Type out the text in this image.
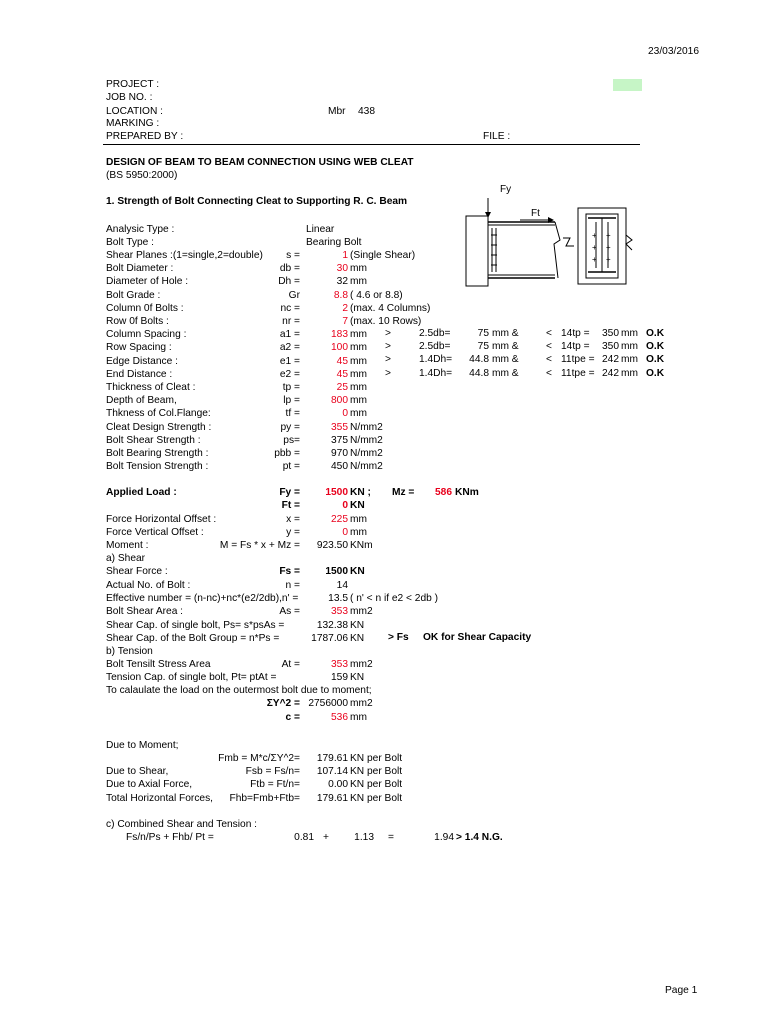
23/03/2016
PROJECT :
JOB NO. :
LOCATION :	Mbr 438
MARKING :
PREPARED BY :	FILE :
DESIGN OF BEAM TO BEAM CONNECTION USING WEB CLEAT
(BS 5950:2000)
1. Strength of Bolt Connecting Cleat to Supporting R. C. Beam
Fy
Ft
+ +
+ +
+ +
Analysic Type :	Linear
Bolt Type :	Bearing Bolt
Shear Planes :(1=single,2=double)	s =	1 (Single Shear)
Bolt Diameter :	db =	30 mm
Diameter of Hole :	Dh =	32 mm
Bolt Grade :	Gr	8.8 ( 4.6 or 8.8)
Column 0f Bolts :	nc =	2 (max. 4 Columns)
Row 0f Bolts :	nr =	7 (max. 10 Rows)
Column Spacing :	a1 =	183 mm
Row Spacing :	a2 =	100 mm
Edge Distance :	e1 =	45 mm
End Distance :	e2 =	45 mm
Thickness of Cleat :	tp =	25 mm
Depth of Beam,	lp =	800 mm
Thkness of Col.Flange:	tf =	0 mm
Cleat Design Strength :	py =	355 N/mm2
Bolt Shear Strength :	ps=	375 N/mm2
Bolt Bearing Strength :	pbb =	970 N/mm2
Bolt Tension Strength :	pt =	450 N/mm2
>	2.5db=	75 mm &	< 14tp =	350 mm O.K
>	2.5db=	75 mm &	< 14tp =	350 mm O.K
>	1.4Dh=	44.8 mm &	< 11tpe = 242 mm O.K
>	1.4Dh=	44.8 mm &	< 11tpe = 242 mm O.K
Applied Load :	Fy =	1500 KN ; Mz =	586 KNm
Ft =	0 KN
Force Horizontal Offset :	x =	225 mm
Force Vertical Offset :	y =	0 mm
Moment :	M = Fs * x + Mz =	923.50 KNm
a) Shear
Shear Force :	Fs =	1500 KN
Actual No. of Bolt :	n =	14
Effective number = (n-nc)+nc*(e2/2db),n' =	13.5 ( n' < n if e2 < 2db )
Bolt Shear Area :	As =	353 mm2
Shear Cap. of single bolt, Ps= s*psAs =	132.38 KN
Shear Cap. of the Bolt Group = n*Ps =	1787.06 KN > Fs OK for Shear Capacity
b) Tension
Bolt Tensilt Stress Area	At =	353 mm2
Tension Cap. of single bolt, Pt= ptAt =	159 KN
To calaulate the load on the outermost bolt due to moment;
ΣY^2 = 2756000 mm2
c =	536 mm
Due to Moment;
Fmb = M*c/ΣY^2=	179.61 KN per Bolt
Due to Shear,	Fsb = Fs/n=	107.14 KN per Bolt
Due to Axial Force,	Ftb = Ft/n=	0.00 KN per Bolt
Total Horizontal Forces,	Fhb=Fmb+Ftb=	179.61 KN per Bolt
c) Combined Shear and Tension :
Fs/n/Ps + Fhb/ Pt =	0.81 +	1.13 =	1.94 > 1.4 N.G.
Page 1
